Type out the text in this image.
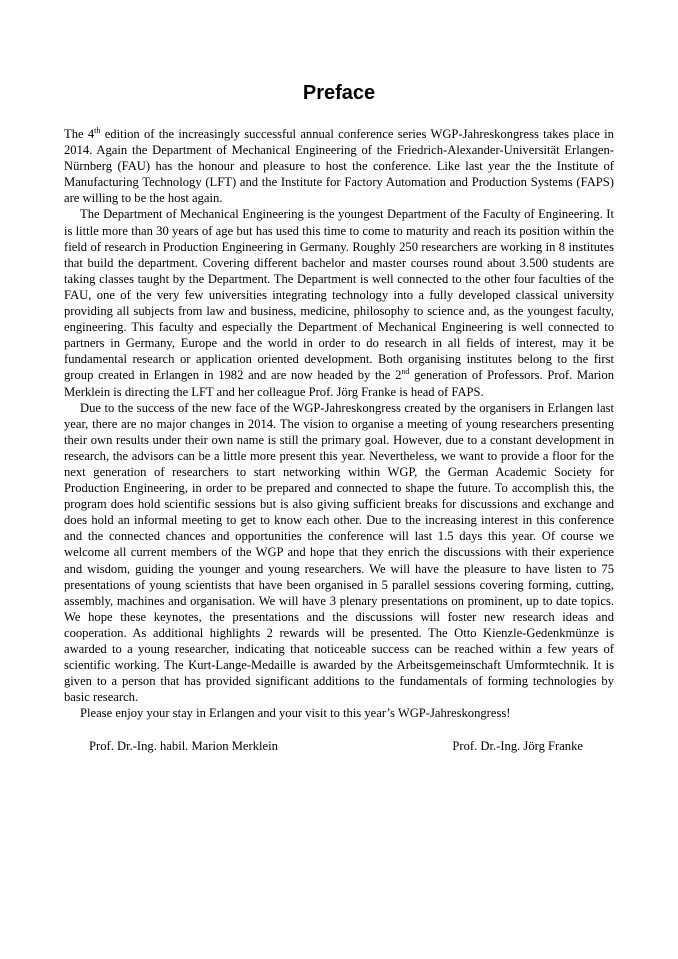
Preface

The 4th edition of the increasingly successful annual conference series WGP-Jahreskongress takes place in 2014. Again the Department of Mechanical Engineering of the Friedrich-Alexander-Universität Erlangen-Nürnberg (FAU) has the honour and pleasure to host the conference. Like last year the the Institute of Manufacturing Technology (LFT) and the Institute for Factory Automation and Production Systems (FAPS) are willing to be the host again.

The Department of Mechanical Engineering is the youngest Department of the Faculty of Engineering. It is little more than 30 years of age but has used this time to come to maturity and reach its position within the field of research in Production Engineering in Germany. Roughly 250 researchers are working in 8 institutes that build the department. Covering different bachelor and master courses round about 3.500 students are taking classes taught by the Department. The Department is well connected to the other four faculties of the FAU, one of the very few universities integrating technology into a fully developed classical university providing all subjects from law and business, medicine, philosophy to science and, as the youngest faculty, engineering. This faculty and especially the Department of Mechanical Engineering is well connected to partners in Germany, Europe and the world in order to do research in all fields of interest, may it be fundamental research or application oriented development. Both organising institutes belong to the first group created in Erlangen in 1982 and are now headed by the 2nd generation of Professors. Prof. Marion Merklein is directing the LFT and her colleague Prof. Jörg Franke is head of FAPS.

Due to the success of the new face of the WGP-Jahreskongress created by the organisers in Erlangen last year, there are no major changes in 2014. The vision to organise a meeting of young researchers presenting their own results under their own name is still the primary goal. However, due to a constant development in research, the advisors can be a little more present this year. Nevertheless, we want to provide a floor for the next generation of researchers to start networking within WGP, the German Academic Society for Production Engineering, in order to be prepared and connected to shape the future. To accomplish this, the program does hold scientific sessions but is also giving sufficient breaks for discussions and exchange and does hold an informal meeting to get to know each other. Due to the increasing interest in this conference and the connected chances and opportunities the conference will last 1.5 days this year. Of course we welcome all current members of the WGP and hope that they enrich the discussions with their experience and wisdom, guiding the younger and young researchers. We will have the pleasure to have listen to 75 presentations of young scientists that have been organised in 5 parallel sessions covering forming, cutting, assembly, machines and organisation. We will have 3 plenary presentations on prominent, up to date topics. We hope these keynotes, the presentations and the discussions will foster new research ideas and cooperation. As additional highlights 2 rewards will be presented. The Otto Kienzle-Gedenkmünze is awarded to a young researcher, indicating that noticeable success can be reached within a few years of scientific working. The Kurt-Lange-Medaille is awarded by the Arbeitsgemeinschaft Umformtechnik. It is given to a person that has provided significant additions to the fundamentals of forming technologies by basic research.

Please enjoy your stay in Erlangen and your visit to this year’s WGP-Jahreskongress!

Prof. Dr.-Ing. habil. Marion Merklein	Prof. Dr.-Ing. Jörg Franke
